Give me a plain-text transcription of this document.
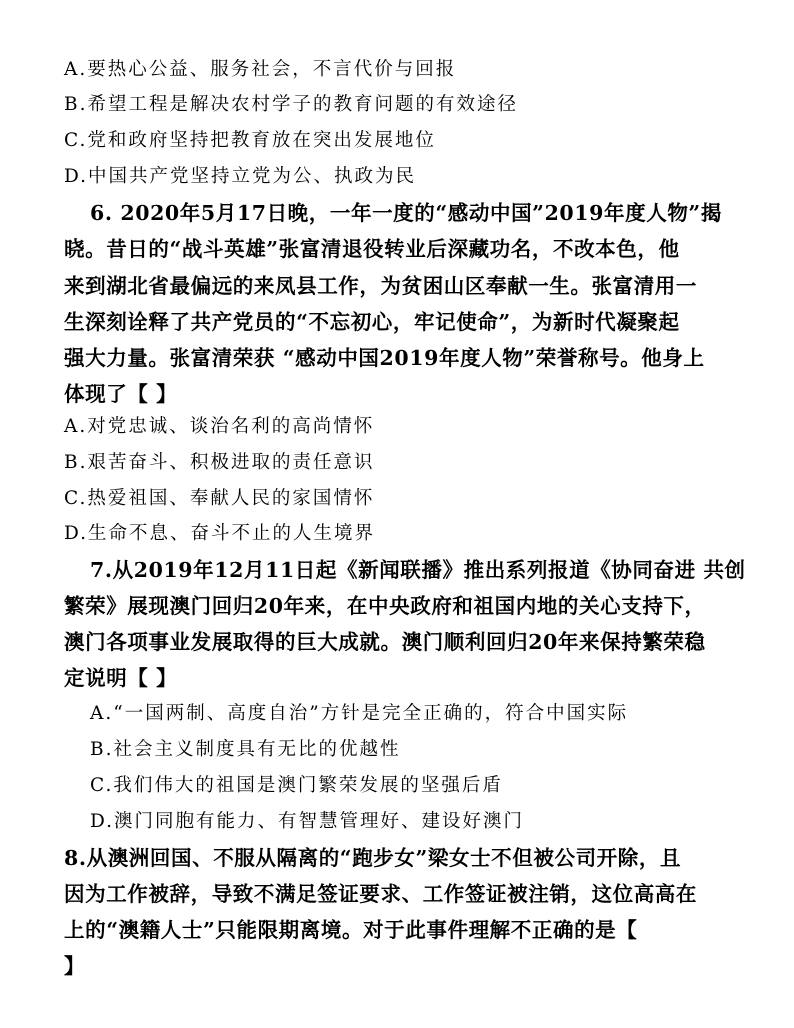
A.要热心公益、服务社会，不言代价与回报
B.希望工程是解决农村学子的教育问题的有效途径
C.党和政府坚持把教育放在突出发展地位
D.中国共产党坚持立党为公、执政为民
6. 2020年5月17日晚，一年一度的“感动中国”2019年度人物”揭
晓。昔日的“战斗英雄”张富清退役转业后深藏功名，不改本色，他
来到湖北省最偏远的来凤县工作，为贫困山区奉献一生。张富清用一
生深刻诠释了共产党员的“不忘初心，牢记使命”，为新时代凝聚起
强大力量。张富清荣获 “感动中国2019年度人物”荣誉称号。他身上
体现了【 】
A.对党忠诚、谈治名利的高尚情怀
B.艰苦奋斗、积极进取的责任意识
C.热爱祖国、奉献人民的家国情怀
D.生命不息、奋斗不止的人生境界
7.从2019年12月11日起《新闻联播》推出系列报道《协同奋进 共创
繁荣》展现澳门回归20年来，在中央政府和祖国内地的关心支持下，
澳门各项事业发展取得的巨大成就。澳门顺利回归20年来保持繁荣稳
定说明【 】
A.“一国两制、高度自治”方针是完全正确的，符合中国实际
B.社会主义制度具有无比的优越性
C.我们伟大的祖国是澳门繁荣发展的坚强后盾
D.澳门同胞有能力、有智慧管理好、建设好澳门
8.从澳洲回国、不服从隔离的“跑步女”梁女士不但被公司开除，且
因为工作被辞，导致不满足签证要求、工作签证被注销，这位高高在
上的“澳籍人士”只能限期离境。对于此事件理解不正确的是【
】
